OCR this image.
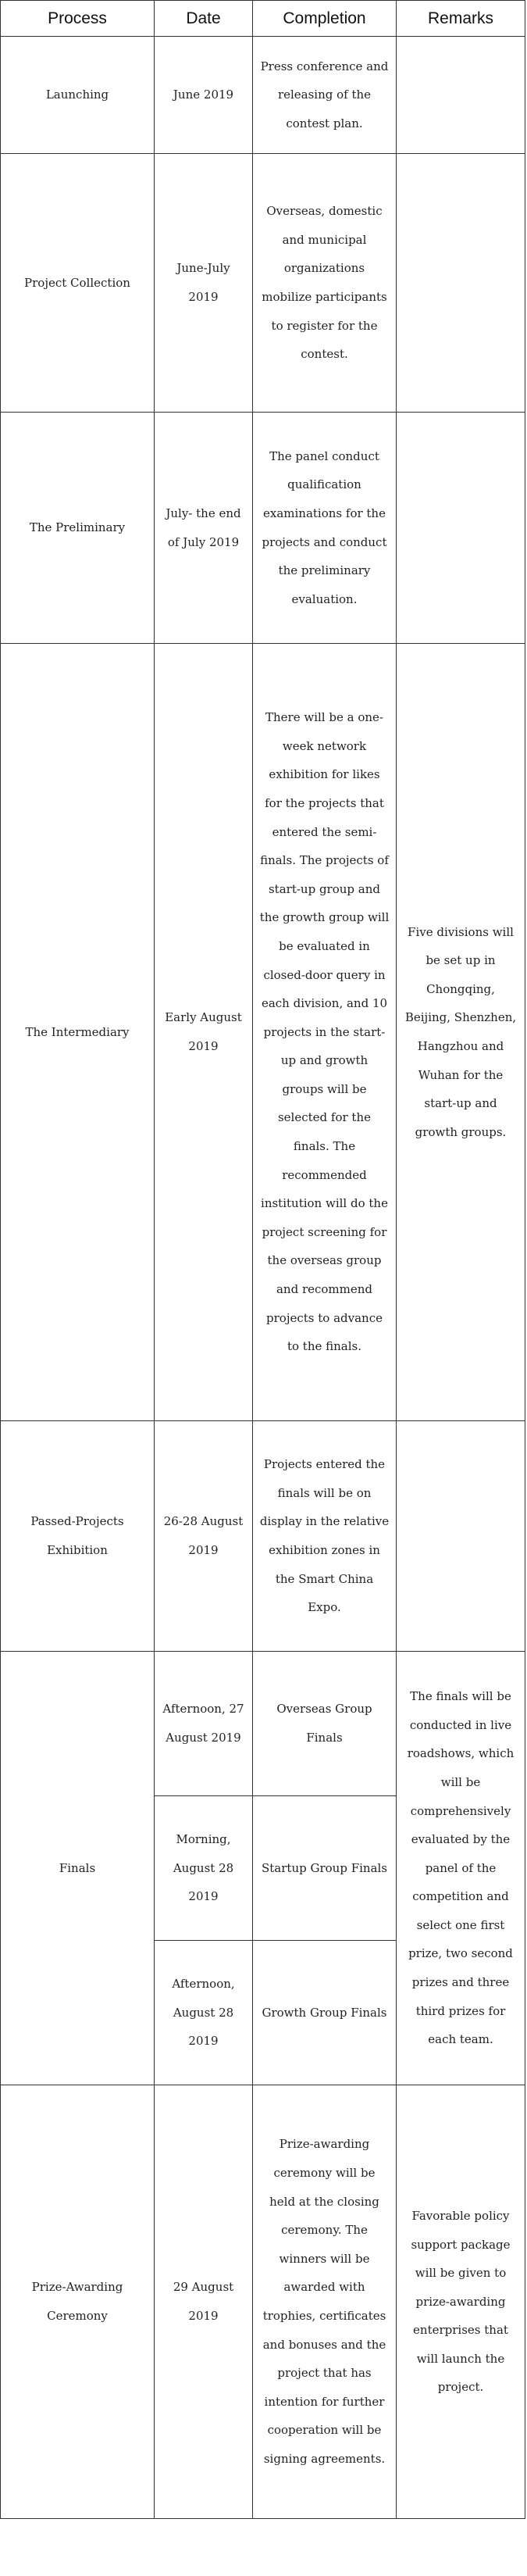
Process	Date	Completion	Remarks
Launching	June 2019	Press conference and releasing of the contest plan.	
Project Collection	June-July 2019	Overseas, domestic and municipal organizations mobilize participants to register for the contest.	
The Preliminary	July- the end of July 2019	The panel conduct qualification examinations for the projects and conduct the preliminary evaluation.	
The Intermediary	Early August 2019	There will be a one-week network exhibition for likes for the projects that entered the semi-finals. The projects of start-up group and the growth group will be evaluated in closed-door query in each division, and 10 projects in the start-up and growth groups will be selected for the finals. The recommended institution will do the project screening for the overseas group and recommend projects to advance to the finals.	Five divisions will be set up in Chongqing, Beijing, Shenzhen, Hangzhou and Wuhan for the start-up and growth groups.
Passed-Projects Exhibition	26-28 August 2019	Projects entered the finals will be on display in the relative exhibition zones in the Smart China Expo.	
Finals	Afternoon, 27 August 2019	Overseas Group Finals	The finals will be conducted in live roadshows, which will be comprehensively evaluated by the panel of the competition and select one first prize, two second prizes and three third prizes for each team.
	Morning, August 28 2019	Startup Group Finals	
	Afternoon, August 28 2019	Growth Group Finals	
Prize-Awarding Ceremony	29 August 2019	Prize-awarding ceremony will be held at the closing ceremony. The winners will be awarded with trophies, certificates and bonuses and the project that has intention for further cooperation will be signing agreements.	Favorable policy support package will be given to prize-awarding enterprises that will launch the project.
